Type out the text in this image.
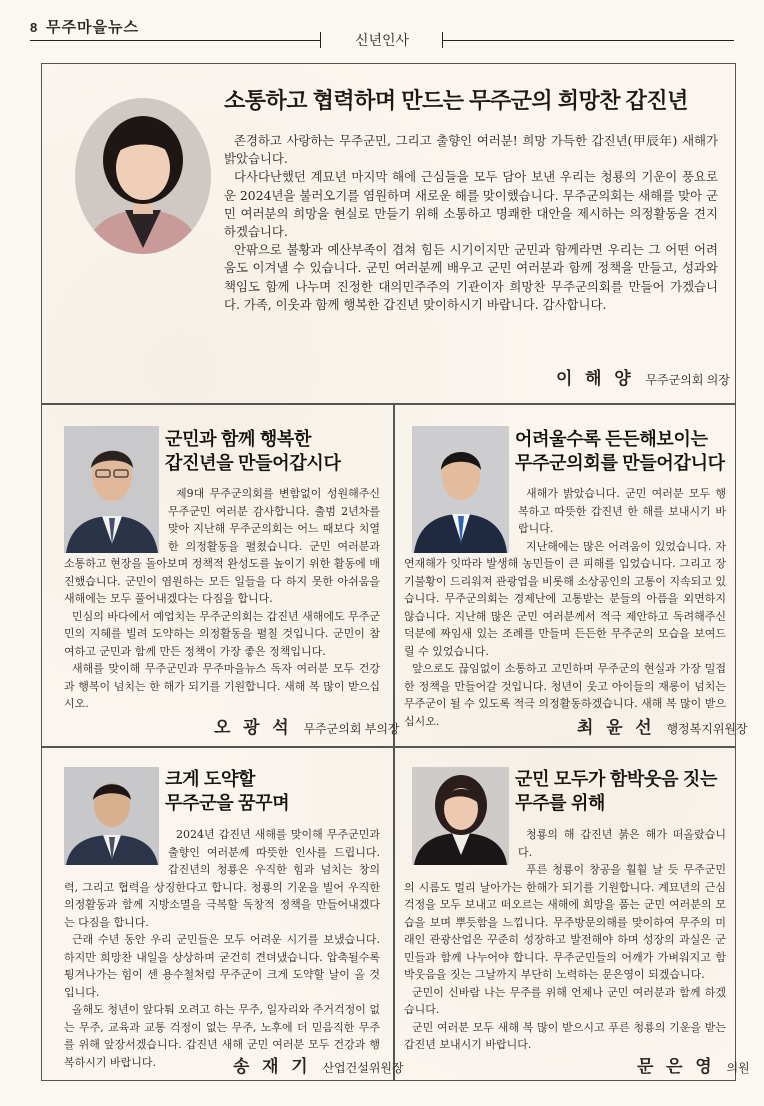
8 무주마을뉴스
신년인사
소통하고 협력하며 만드는 무주군의 희망찬 갑진년

존경하고 사랑하는 무주군민, 그리고 출향인 여러분! 희망 가득한 갑진년(甲辰年) 새해가 밝았습니다.

다사다난했던 계묘년 마지막 해에 근심들을 모두 담아 보낸 우리는 청룡의 기운이 풍요로운 2024년을 불러오기를 염원하며 새로운 해를 맞이했습니다. 무주군의회는 새해를 맞아 군민 여러분의 희망을 현실로 만들기 위해 소통하고 명쾌한 대안을 제시하는 의정활동을 견지하겠습니다.

안팎으로 불황과 예산부족이 겹쳐 힘든 시기이지만 군민과 함께라면 우리는 그 어떤 어려움도 이겨낼 수 있습니다. 군민 여러분께 배우고 군민 여러분과 함께 정책을 만들고, 성과와 책임도 함께 나누며 진정한 대의민주주의 기관이자 희망찬 무주군의회를 만들어 가겠습니다. 가족, 이웃과 함께 행복한 갑진년 맞이하시기 바랍니다. 감사합니다.

이 해 양 무주군의회 의장
군민과 함께 행복한
갑진년을 만들어갑시다

제9대 무주군의회를 변함없이 성원해주신 무주군민 여러분 감사합니다. 출범 2년차를 맞아 지난해 무주군의회는 어느 때보다 치열한 의정활동을 펼쳤습니다. 군민 여러분과 소통하고 현장을 돌아보며 정책적 완성도를 높이기 위한 활동에 매진했습니다. 군민이 염원하는 모든 일들을 다 하지 못한 아쉬움을 새해에는 모두 풀어내겠다는 다짐을 합니다.

민심의 바다에서 예업치는 무주군의회는 갑진년 새해에도 무주군민의 지혜를 빌려 도약하는 의정활동을 펼칠 것입니다. 군민이 참여하고 군민과 함께 만든 정책이 가장 좋은 정책입니다.

새해를 맞이해 무주군민과 무주마을뉴스 독자 여러분 모두 건강과 행복이 넘치는 한 해가 되기를 기원합니다. 새해 복 많이 받으십시오.

오 광 석 무주군의회 부의장
어려울수록 든든해보이는
무주군의회를 만들어갑니다

새해가 밝았습니다. 군민 여러분 모두 행복하고 따뜻한 갑진년 한 해를 보내시기 바랍니다.

지난해에는 많은 어려움이 있었습니다. 자연재해가 잇따라 발생해 농민들이 큰 피해를 입었습니다. 그리고 장기불황이 드리워져 관광업을 비롯해 소상공인의 고통이 지속되고 있습니다. 무주군의회는 경제난에 고통받는 분들의 아픔을 외면하지 않습니다. 지난해 많은 군민 여러분께서 적극 제안하고 독려해주신 덕분에 짜임새 있는 조례를 만들며 든든한 무주군의 모습을 보여드릴 수 있었습니다.

앞으로도 끊임없이 소통하고 고민하며 무주군의 현실과 가장 밀접한 정책을 만들어갈 것입니다. 청년이 웃고 아이들의 재롱이 넘치는 무주군이 될 수 있도록 적극 의정활동하겠습니다. 새해 복 많이 받으십시오.	최 윤 선 행정복지위원장
크게 도약할
무주군을 꿈꾸며

2024년 갑진년 새해를 맞이해 무주군민과 출향인 여러분께 따뜻한 인사를 드립니다. 갑진년의 청룡은 우직한 힘과 넘치는 창의력, 그리고 협력을 상징한다고 합니다. 청룡의 기운을 빌어 우직한 의정활동과 함께 지방소멸을 극복할 독창적 정책을 만들어내겠다는 다짐을 합니다.

근래 수년 동안 우리 군민들은 모두 어려운 시기를 보냈습니다. 하지만 희망찬 내일을 상상하며 굳건히 견뎌냈습니다. 압축될수록 튕겨나가는 힘이 센 용수철처럼 무주군이 크게 도약할 날이 올 것입니다.

올해도 청년이 앞다퉈 오려고 하는 무주, 일자리와 주거걱정이 없는 무주, 교육과 교통 걱정이 없는 무주, 노후에 더 믿음직한 무주를 위해 앞장서겠습니다. 갑진년 새해 군민 여러분 모두 건강과 행복하시기 바랍니다.	송 재 기 산업건설위원장
군민 모두가 함박웃음 짓는
무주를 위해

청룡의 해 갑진년 붉은 해가 떠올랐습니다.

푸른 청룡이 창공을 훨훨 날 듯 무주군민의 시름도 멀리 날아가는 한해가 되기를 기원합니다. 계묘년의 근심걱정을 모두 보내고 떠오르는 새해에 희망을 품는 군민 여러분의 모습을 보며 뿌듯함을 느낍니다. 무주방문의해를 맞이하여 무주의 미래인 관광산업은 꾸준히 성장하고 발전해야 하며 성장의 과실은 군민들과 함께 나누어야 합니다. 무주군민들의 어깨가 가벼워지고 함박웃음을 짓는 그날까지 부단히 노력하는 문은영이 되겠습니다.

군민이 신바람 나는 무주를 위해 언제나 군민 여러분과 함께 하겠습니다.

군민 여러분 모두 새해 복 많이 받으시고 푸른 청룡의 기운을 받는 갑진년 보내시기 바랍니다.

문 은 영 의원
